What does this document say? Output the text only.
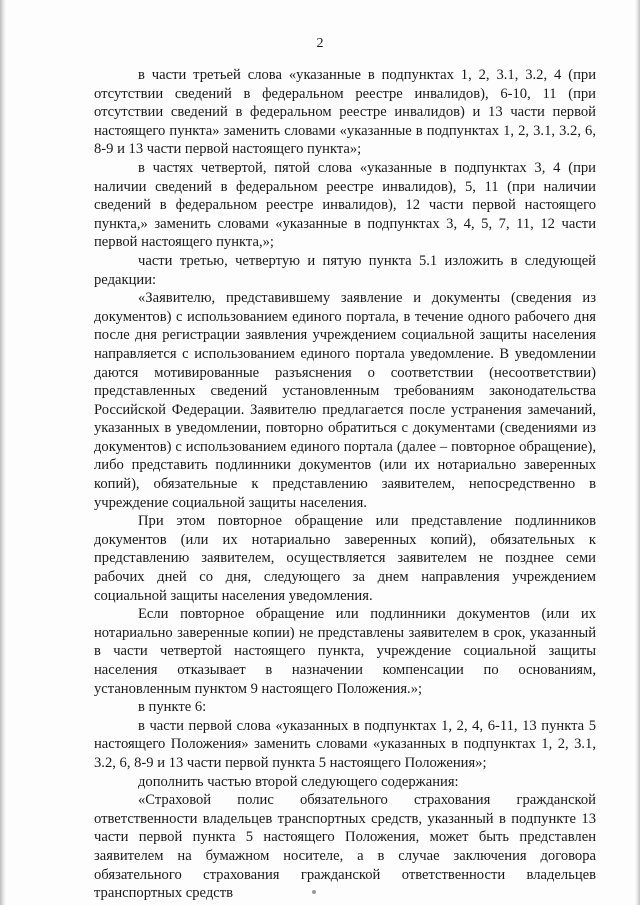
2

в части третьей слова «указанные в подпунктах 1, 2, 3.1, 3.2, 4 (при отсутствии сведений в федеральном реестре инвалидов), 6-10, 11 (при отсутствии сведений в федеральном реестре инвалидов) и 13 части первой настоящего пункта» заменить словами «указанные в подпунктах 1, 2, 3.1, 3.2, 6, 8-9 и 13 части первой настоящего пункта»;

в частях четвертой, пятой слова «указанные в подпунктах 3, 4 (при наличии сведений в федеральном реестре инвалидов), 5, 11 (при наличии сведений в федеральном реестре инвалидов), 12 части первой настоящего пункта,» заменить словами «указанные в подпунктах 3, 4, 5, 7, 11, 12 части первой настоящего пункта,»;

части третью, четвертую и пятую пункта 5.1 изложить в следующей редакции:

«Заявителю, представившему заявление и документы (сведения из документов) с использованием единого портала, в течение одного рабочего дня после дня регистрации заявления учреждением социальной защиты населения направляется с использованием единого портала уведомление. В уведомлении даются мотивированные разъяснения о соответствии (несоответствии) представленных сведений установленным требованиям законодательства Российской Федерации. Заявителю предлагается после устранения замечаний, указанных в уведомлении, повторно обратиться с документами (сведениями из документов) с использованием единого портала (далее – повторное обращение), либо представить подлинники документов (или их нотариально заверенных копий), обязательные к представлению заявителем, непосредственно в учреждение социальной защиты населения.

При этом повторное обращение или представление подлинников документов (или их нотариально заверенных копий), обязательных к представлению заявителем, осуществляется заявителем не позднее семи рабочих дней со дня, следующего за днем направления учреждением социальной защиты населения уведомления.

Если повторное обращение или подлинники документов (или их нотариально заверенные копии) не представлены заявителем в срок, указанный в части четвертой настоящего пункта, учреждение социальной защиты населения отказывает в назначении компенсации по основаниям, установленным пунктом 9 настоящего Положения.»;

в пункте 6:

в части первой слова «указанных в подпунктах 1, 2, 4, 6-11, 13 пункта 5 настоящего Положения» заменить словами «указанных в подпунктах 1, 2, 3.1, 3.2, 6, 8-9 и 13 части первой пункта 5 настоящего Положения»;

дополнить частью второй следующего содержания:

«Страховой полис обязательного страхования гражданской ответственности владельцев транспортных средств, указанный в подпункте 13 части первой пункта 5 настоящего Положения, может быть представлен заявителем на бумажном носителе, а в случае заключения договора обязательного страхования гражданской ответственности владельцев транспортных средств
